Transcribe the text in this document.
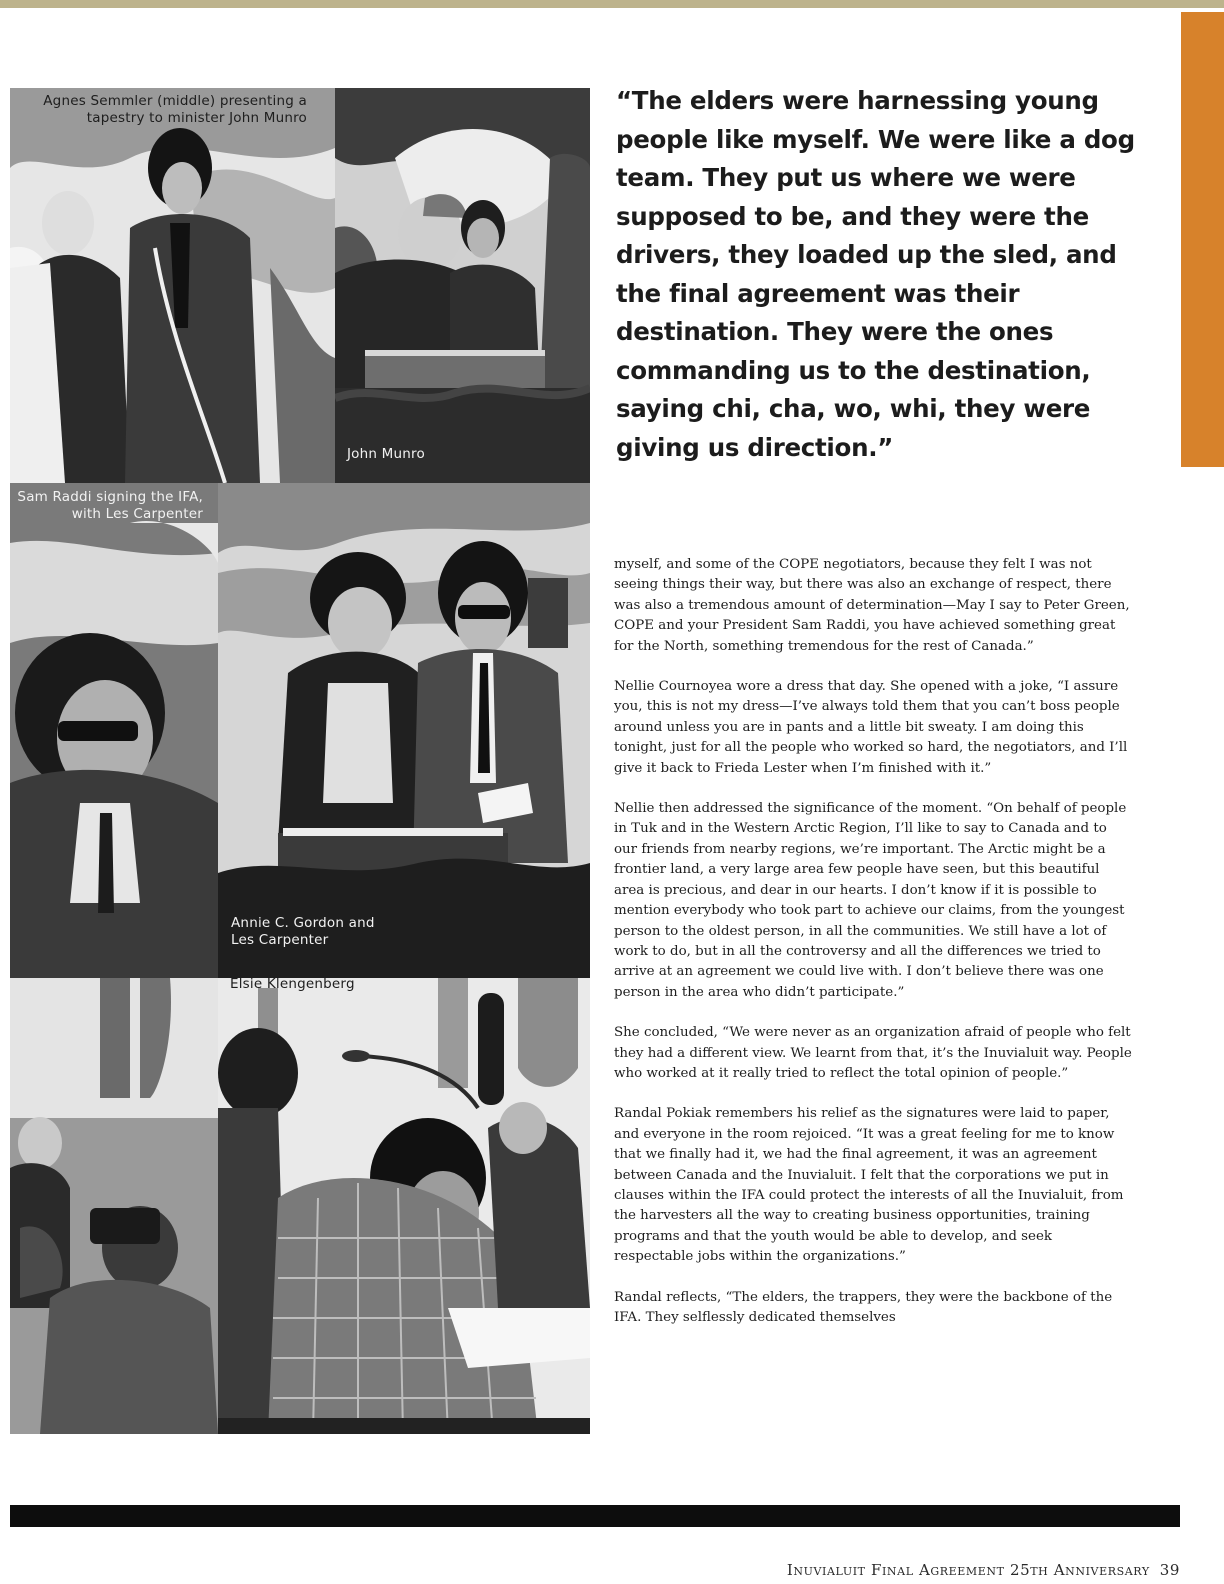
Agnes Semmler (middle) presenting a tapestry to minister John Munro
John Munro
Sam Raddi signing the IFA, with Les Carpenter
Annie C. Gordon and Les Carpenter
Elsie Klengenberg
“The elders were harnessing young people like myself. We were like a dog team. They put us where we were supposed to be, and they were the drivers, they loaded up the sled, and the final agreement was their destination. They were the ones commanding us to the destination, saying chi, cha, wo, whi, they were giving us direction.”

myself, and some of the COPE negotiators, because they felt I was not seeing things their way, but there was also an exchange of respect, there was also a tremendous amount of determination—May I say to Peter Green, COPE and your President Sam Raddi, you have achieved something great for the North, something tremendous for the rest of Canada.”

Nellie Cournoyea wore a dress that day. She opened with a joke, “I assure you, this is not my dress—I’ve always told them that you can’t boss people around unless you are in pants and a little bit sweaty. I am doing this tonight, just for all the people who worked so hard, the negotiators, and I’ll give it back to Frieda Lester when I’m finished with it.”

Nellie then addressed the significance of the moment. “On behalf of people in Tuk and in the Western Arctic Region, I’ll like to say to Canada and to our friends from nearby regions, we’re important. The Arctic might be a frontier land, a very large area few people have seen, but this beautiful area is precious, and dear in our hearts. I don’t know if it is possible to mention everybody who took part to achieve our claims, from the youngest person to the oldest person, in all the communities. We still have a lot of work to do, but in all the controversy and all the differences we tried to arrive at an agreement we could live with. I don’t believe there was one person in the area who didn’t participate.”

She concluded, “We were never as an organization afraid of people who felt they had a different view. We learnt from that, it’s the Inuvialuit way. People who worked at it really tried to reflect the total opinion of people.”

Randal Pokiak remembers his relief as the signatures were laid to paper, and everyone in the room rejoiced. “It was a great feeling for me to know that we finally had it, we had the final agreement, it was an agreement between Canada and the Inuvialuit. I felt that the corporations we put in clauses within the IFA could protect the interests of all the Inuvialuit, from the harvesters all the way to creating business opportunities, training programs and that the youth would be able to develop, and seek respectable jobs within the organizations.”

Randal reflects, “The elders, the trappers, they were the backbone of the IFA. They selflessly dedicated themselves

Inuvialuit Final Agreement 25th Anniversary 39
